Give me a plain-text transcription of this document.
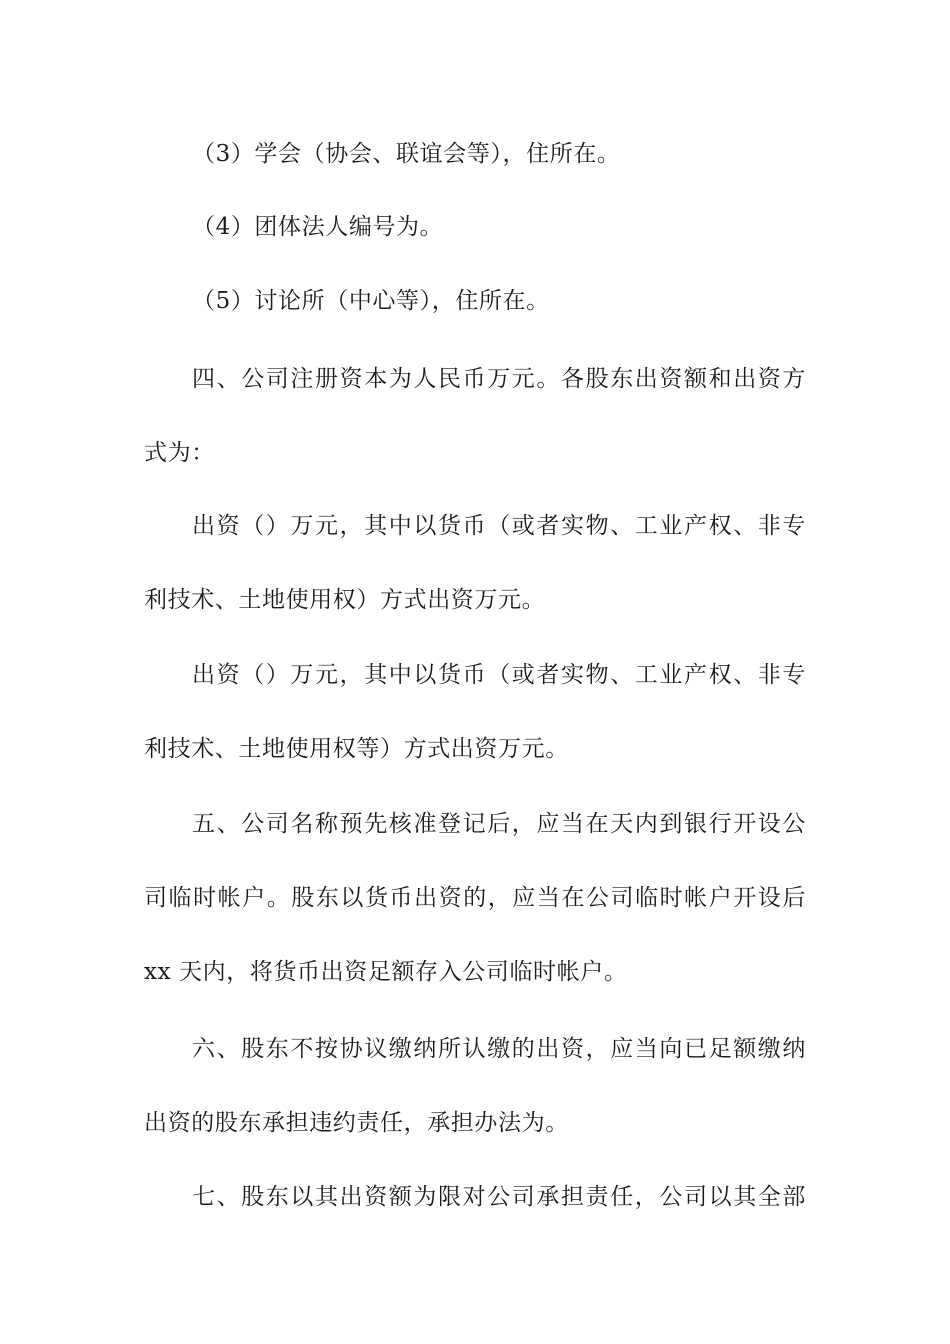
（3）学会（协会、联谊会等），住所在。
（4）团体法人编号为。
（5）讨论所（中心等），住所在。
四、公司注册资本为人民币万元。各股东出资额和出资方
式为：
出资（）万元，其中以货币（或者实物、工业产权、非专
利技术、土地使用权）方式出资万元。
出资（）万元，其中以货币（或者实物、工业产权、非专
利技术、土地使用权等）方式出资万元。
五、公司名称预先核准登记后，应当在天内到银行开设公
司临时帐户。股东以货币出资的，应当在公司临时帐户开设后
xx 天内，将货币出资足额存入公司临时帐户。
六、股东不按协议缴纳所认缴的出资，应当向已足额缴纳
出资的股东承担违约责任，承担办法为。
七、股东以其出资额为限对公司承担责任，公司以其全部
